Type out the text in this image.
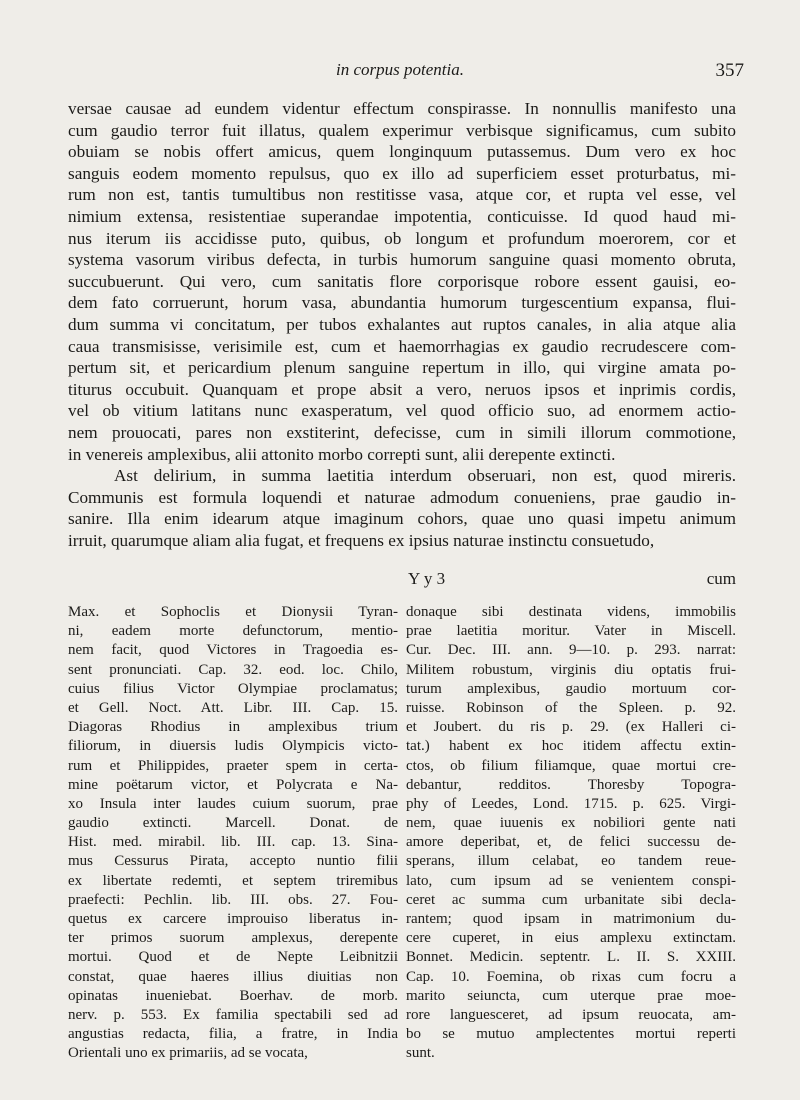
in corpus potentia.	357
versae causae ad eundem videntur effectum conspirasse. In nonnullis manifesto una
cum gaudio terror fuit illatus, qualem experimur verbisque significamus, cum subito
obuiam se nobis offert amicus, quem longinquum putassemus. Dum vero ex hoc
sanguis eodem momento repulsus, quo ex illo ad superficiem esset proturbatus, mi-
rum non est, tantis tumultibus non restitisse vasa, atque cor, et rupta vel esse, vel
nimium extensa, resistentiae superandae impotentia, conticuisse. Id quod haud mi-
nus iterum iis accidisse puto, quibus, ob longum et profundum moerorem, cor et
systema vasorum viribus defecta, in turbis humorum sanguine quasi momento obruta,
succubuerunt. Qui vero, cum sanitatis flore corporisque robore essent gauisi, eo-
dem fato corruerunt, horum vasa, abundantia humorum turgescentium expansa, flui-
dum summa vi concitatum, per tubos exhalantes aut ruptos canales, in alia atque alia
caua transmisisse, verisimile est, cum et haemorrhagias ex gaudio recrudescere com-
pertum sit, et pericardium plenum sanguine repertum in illo, qui virgine amata po-
titurus occubuit. Quanquam et prope absit a vero, neruos ipsos et inprimis cordis,
vel ob vitium latitans nunc exasperatum, vel quod officio suo, ad enormem actio-
nem prouocati, pares non exstiterint, defecisse, cum in simili illorum commotione,
in venereis amplexibus, alii attonito morbo correpti sunt, alii derepente extincti.
Ast delirium, in summa laetitia interdum obseruari, non est, quod mireris.
Communis est formula loquendi et naturae admodum conueniens, prae gaudio in-
sanire. Illa enim idearum atque imaginum cohors, quae uno quasi impetu animum
irruit, quarumque aliam alia fugat, et frequens ex ipsius naturae instinctu consuetudo,
Y y 3	cum
Max. et Sophoclis et Dionysii Tyran-
ni, eadem morte defunctorum, mentio-
nem facit, quod Victores in Tragoedia es-
sent pronunciati. Cap. 32. eod. loc. Chilo,
cuius filius Victor Olympiae proclamatus;
et Gell. Noct. Att. Libr. III. Cap. 15.
Diagoras Rhodius in amplexibus trium
filiorum, in diuersis ludis Olympicis victo-
rum et Philippides, praeter spem in certa-
mine poëtarum victor, et Polycrata e Na-
xo Insula inter laudes cuium suorum, prae
gaudio extincti. Marcell. Donat. de
Hist. med. mirabil. lib. III. cap. 13. Sina-
mus Cessurus Pirata, accepto nuntio filii
ex libertate redemti, et septem triremibus
praefecti: Pechlin. lib. III. obs. 27. Fou-
quetus ex carcere improuiso liberatus in-
ter primos suorum amplexus, derepente
mortui. Quod et de Nepte Leibnitzii
constat, quae haeres illius diuitias non
opinatas inueniebat. Boerhav. de morb.
nerv. p. 553. Ex familia spectabili sed ad
angustias redacta, filia, a fratre, in India
Orientali uno ex primariis, ad se vocata,
donaque sibi destinata videns, immobilis
prae laetitia moritur. Vater in Miscell.
Cur. Dec. III. ann. 9—10. p. 293. narrat:
Militem robustum, virginis diu optatis frui-
turum amplexibus, gaudio mortuum cor-
ruisse. Robinson of the Spleen. p. 92.
et Joubert. du ris p. 29. (ex Halleri ci-
tat.) habent ex hoc itidem affectu extin-
ctos, ob filium filiamque, quae mortui cre-
debantur, redditos. Thoresby Topogra-
phy of Leedes, Lond. 1715. p. 625. Virgi-
nem, quae iuuenis ex nobiliori gente nati
amore deperibat, et, de felici successu de-
sperans, illum celabat, eo tandem reue-
lato, cum ipsum ad se venientem conspi-
ceret ac summa cum urbanitate sibi decla-
rantem; quod ipsam in matrimonium du-
cere cuperet, in eius amplexu extinctam.
Bonnet. Medicin. septentr. L. II. S. XXIII.
Cap. 10. Foemina, ob rixas cum focru a
marito seiuncta, cum uterque prae moe-
rore languesceret, ad ipsum reuocata, am-
bo se mutuo amplectentes mortui reperti
sunt.
